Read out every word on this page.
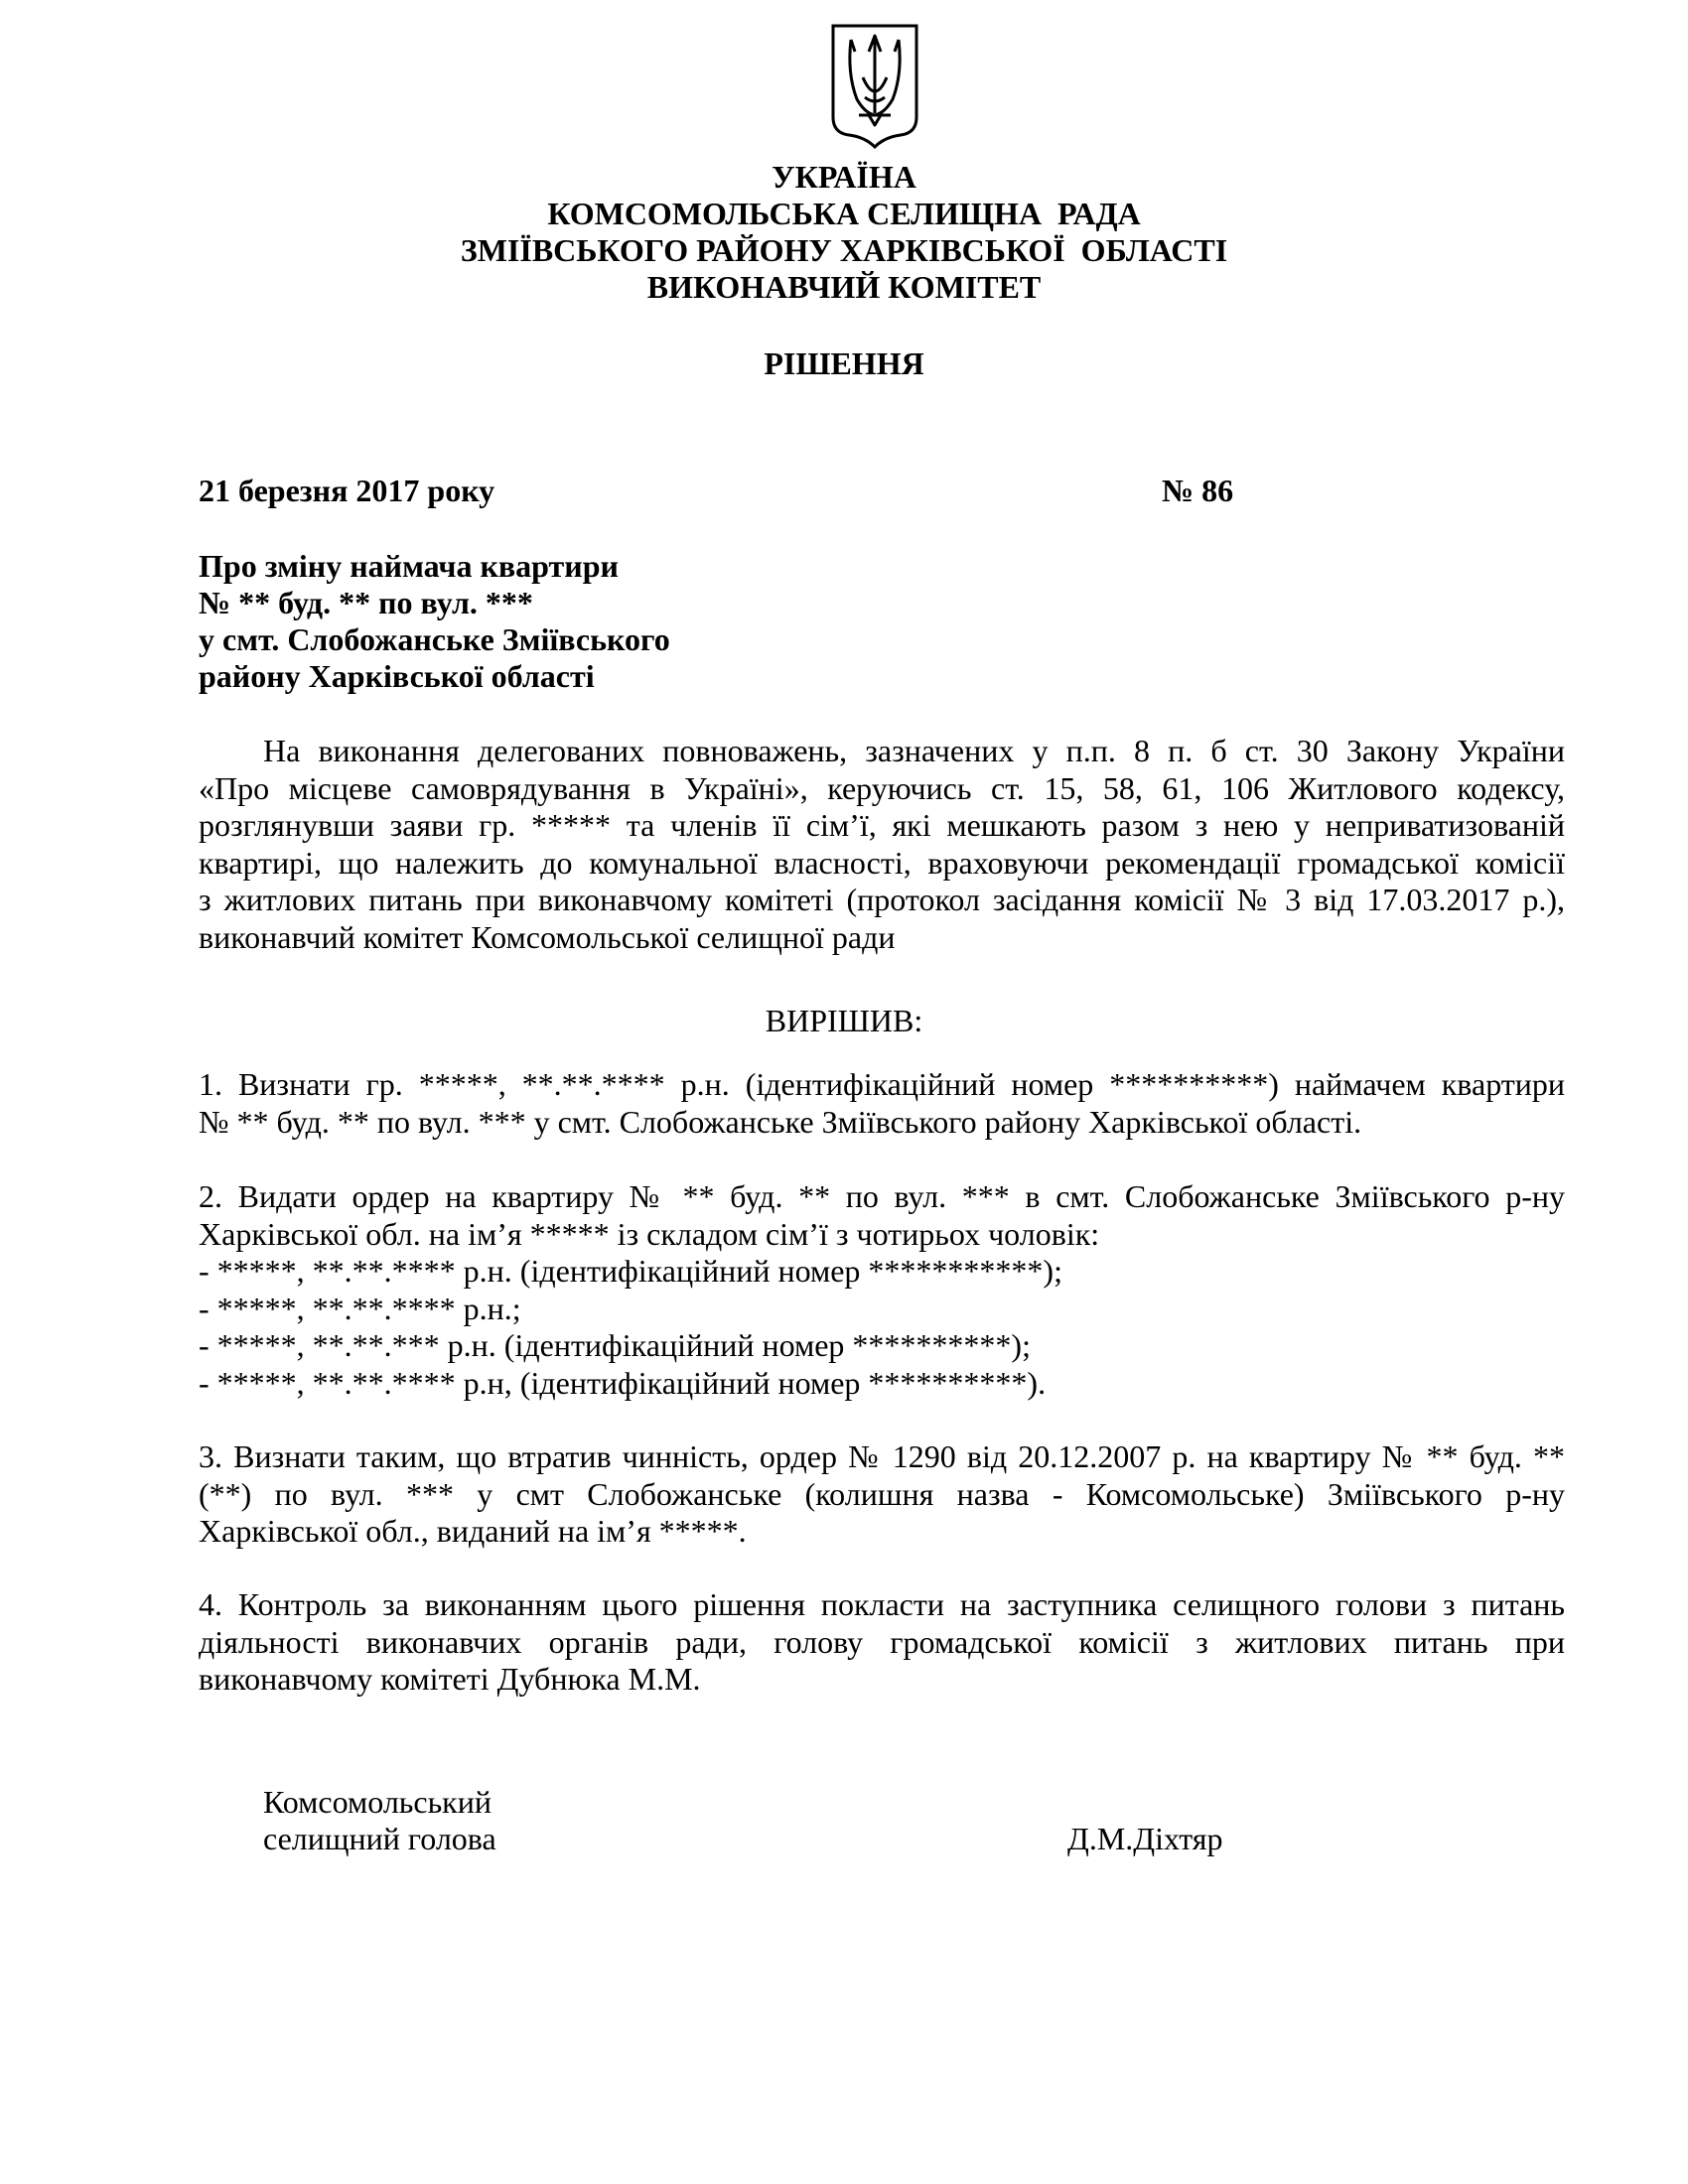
УКРАЇНА
КОМСОМОЛЬСЬКА СЕЛИЩНА  РАДА
ЗМІЇВСЬКОГО РАЙОНУ ХАРКІВСЬКОЇ  ОБЛАСТІ
ВИКОНАВЧИЙ КОМІТЕТ
РІШЕННЯ
21 березня 2017 року	№ 86
Про зміну наймача квартири
№ ** буд. ** по вул. ***
у смт. Слобожанське Зміївського
району Харківської області
На виконання делегованих повноважень, зазначених у п.п. 8 п. б ст. 30 Закону України
«Про місцеве самоврядування в Україні», керуючись ст. 15, 58, 61, 106 Житлового кодексу,
розглянувши заяви гр. ***** та членів її сім’ї, які мешкають разом з нею у неприватизованій
квартирі, що належить до комунальної власності, враховуючи рекомендації громадської комісії
з житлових питань при виконавчому комітеті (протокол засідання комісії № 3 від 17.03.2017 р.),
виконавчий комітет Комсомольської селищної ради
ВИРІШИВ:
1. Визнати гр. *****, **.**.**** р.н. (ідентифікаційний номер **********) наймачем квартири
№ ** буд. ** по вул. *** у смт. Слобожанське Зміївського району Харківської області.
2. Видати ордер на квартиру № ** буд. ** по вул. *** в смт. Слобожанське Зміївського р-ну
Харківської обл. на ім’я ***** із складом сім’ї з чотирьох чоловік:
- *****, **.**.**** р.н. (ідентифікаційний номер ***********);
- *****, **.**.**** р.н.;
- *****, **.**.*** р.н. (ідентифікаційний номер **********);
- *****, **.**.**** р.н, (ідентифікаційний номер **********).
3. Визнати таким, що втратив чинність, ордер № 1290 від 20.12.2007 р. на квартиру № ** буд. **
(**) по вул. *** у смт Слобожанське (колишня назва - Комсомольське) Зміївського р-ну
Харківської обл., виданий на ім’я *****.
4. Контроль за виконанням цього рішення покласти на заступника селищного голови з питань
діяльності виконавчих органів ради, голову громадської комісії з житлових питань при
виконавчому комітеті Дубнюка М.М.
Комсомольський
селищний голова	Д.М.Діхтяр
